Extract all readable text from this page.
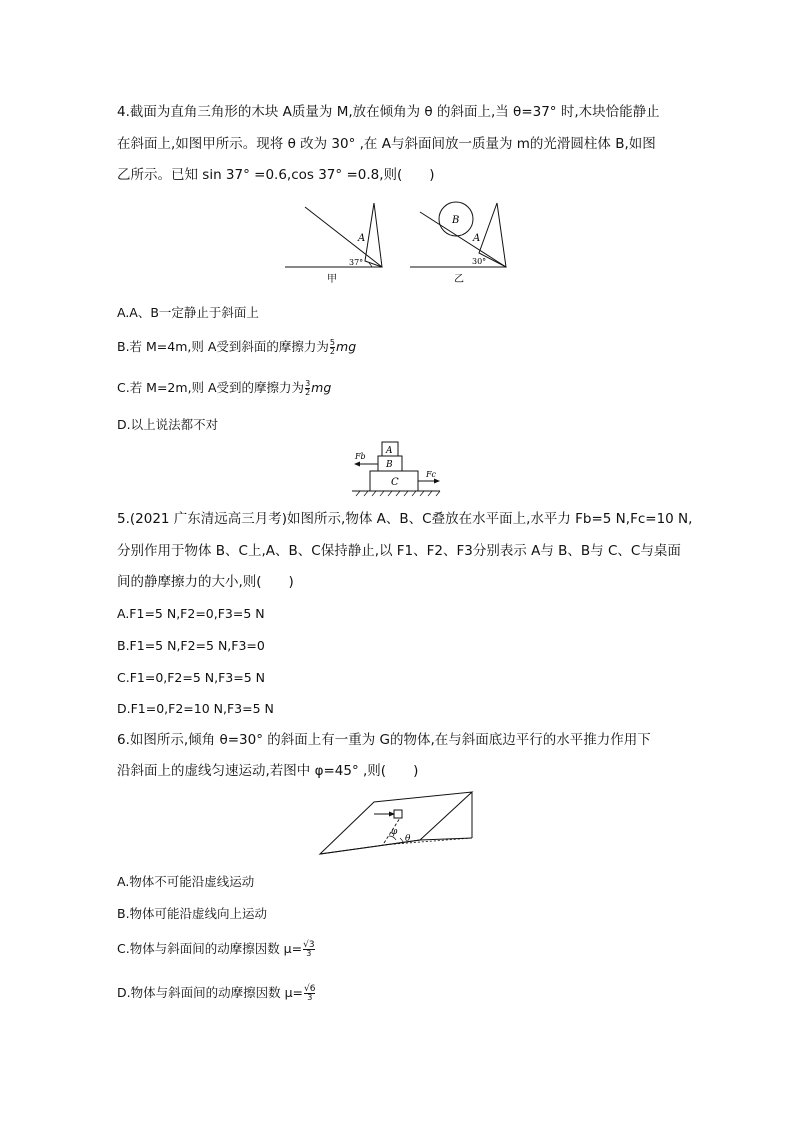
4.截面为直角三角形的木块 A质量为 M,放在倾角为 θ 的斜面上,当 θ=37° 时,木块恰能静止
在斜面上,如图甲所示。现将 θ 改为 30° ,在 A与斜面间放一质量为 m的光滑圆柱体 B,如图
乙所示。已知 sin 37° =0.6,cos 37° =0.8,则(　　)
A
37°
甲
B
A
30°
乙
A.A、B一定静止于斜面上
B.若 M=4m,则 A受到斜面的摩擦力为 $\frac{5}{2}$ mg
C.若 M=2m,则 A受到的摩擦力为 $\frac{3}{2}$ mg
D.以上说法都不对
A
B
C
Fb
Fc
5.(2021 广东清远高三月考)如图所示,物体 A、B、C叠放在水平面上,水平力 Fb=5 N,Fc=10 N,
分别作用于物体 B、C上,A、B、C保持静止,以 F1、F2、F3分别表示 A与 B、B与 C、C与桌面
间的静摩擦力的大小,则(　　)
A.F1=5 N,F2=0,F3=5 N
B.F1=5 N,F2=5 N,F3=0
C.F1=0,F2=5 N,F3=5 N
D.F1=0,F2=10 N,F3=5 N
6.如图所示,倾角 θ=30° 的斜面上有一重为 G的物体,在与斜面底边平行的水平推力作用下
沿斜面上的虚线匀速运动,若图中 φ=45° ,则(　　)
φ
θ
A.物体不可能沿虚线运动
B.物体可能沿虚线向上运动
C.物体与斜面间的动摩擦因数 $\mu= \frac{√3}{3}$
D.物体与斜面间的动摩擦因数 $\mu= \frac{√6}{3}$
